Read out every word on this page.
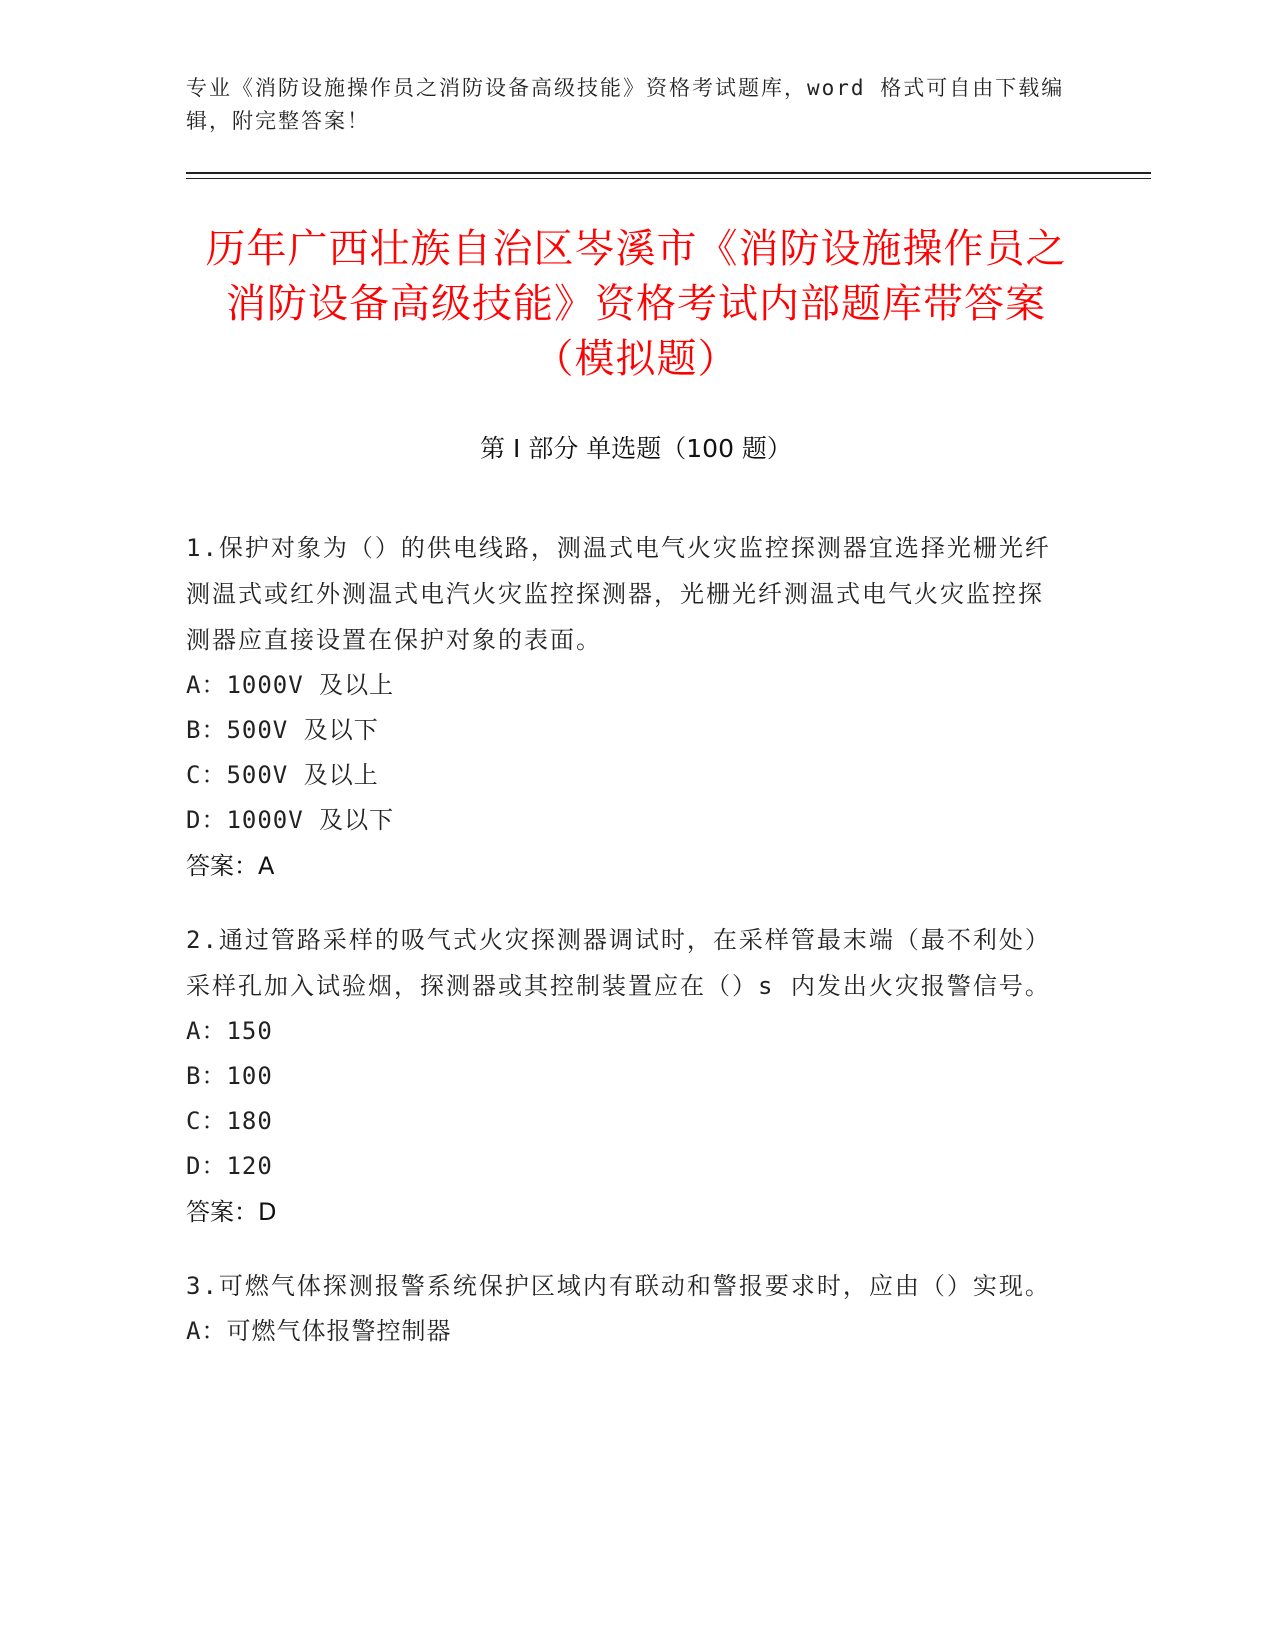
专业《消防设施操作员之消防设备高级技能》资格考试题库，word 格式可自由下载编辑，附完整答案！
历年广西壮族自治区岑溪市《消防设施操作员之消防设备高级技能》资格考试内部题库带答案（模拟题）
第 I 部分 单选题（100 题）

1.保护对象为（）的供电线路，测温式电气火灾监控探测器宜选择光栅光纤测温式或红外测温式电汽火灾监控探测器，光栅光纤测温式电气火灾监控探测器应直接设置在保护对象的表面。

A：1000V 及以上

B：500V 及以下

C：500V 及以上

D：1000V 及以下

答案：A

2.通过管路采样的吸气式火灾探测器调试时，在采样管最末端（最不利处）采样孔加入试验烟，探测器或其控制装置应在（）s 内发出火灾报警信号。

A：150

B：100

C：180

D：120

答案：D

3.可燃气体探测报警系统保护区域内有联动和警报要求时，应由（）实现。

A：可燃气体报警控制器
